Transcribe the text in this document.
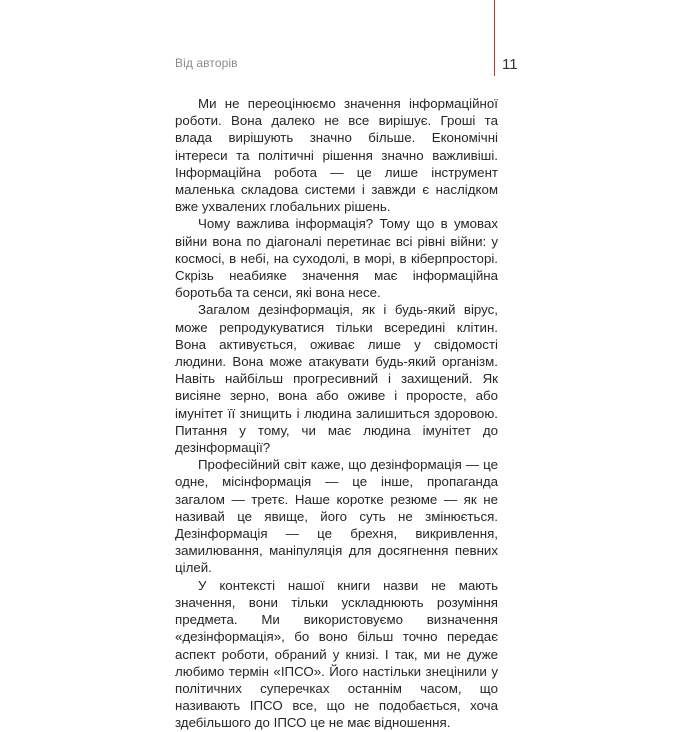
Від авторів	11

Ми не переоцінюємо значення інформаційної роботи. Вона далеко не все вирішує. Гроші та влада вирішують значно більше. Економічні інтереси та політичні рішення значно важливіші. Інформаційна робота — це лише інструмент маленька складова системи і завжди є наслідком вже ухвалених глобальних рішень.

Чому важлива інформація? Тому що в умовах війни вона по діагоналі перетинає всі рівні війни: у космосі, в небі, на суходолі, в морі, в кіберпросторі. Скрізь неабияке значення має інформаційна боротьба та сенси, які вона несе.

Загалом дезінформація, як і будь-який вірус, може репродукуватися тільки всередині клітин. Вона активується, оживає лише у свідомості людини. Вона може атакувати будь-який організм. Навіть найбільш прогресивний і захищений. Як висіяне зерно, вона або оживе і проросте, або імунітет її знищить і людина залишиться здоровою. Питання у тому, чи має людина імунітет до дезінформації?

Професійний світ каже, що дезінформація — це одне, місінформація — це інше, пропаганда загалом — третє. Наше коротке резюме — як не називай це явище, його суть не змінюється. Дезінформація — це брехня, викривлення, замилювання, маніпуляція для досягнення певних цілей.

У контексті нашої книги назви не мають значення, вони тільки ускладнюють розуміння предмета. Ми використовуємо визначення «дезінформація», бо воно більш точно передає аспект роботи, обраний у книзі. І так, ми не дуже любимо термін «ІПСО». Його настільки знецінили у політичних суперечках останнім часом, що називають ІПСО все, що не подобається, хоча здебільшого до ІПСО це не має відношення.
